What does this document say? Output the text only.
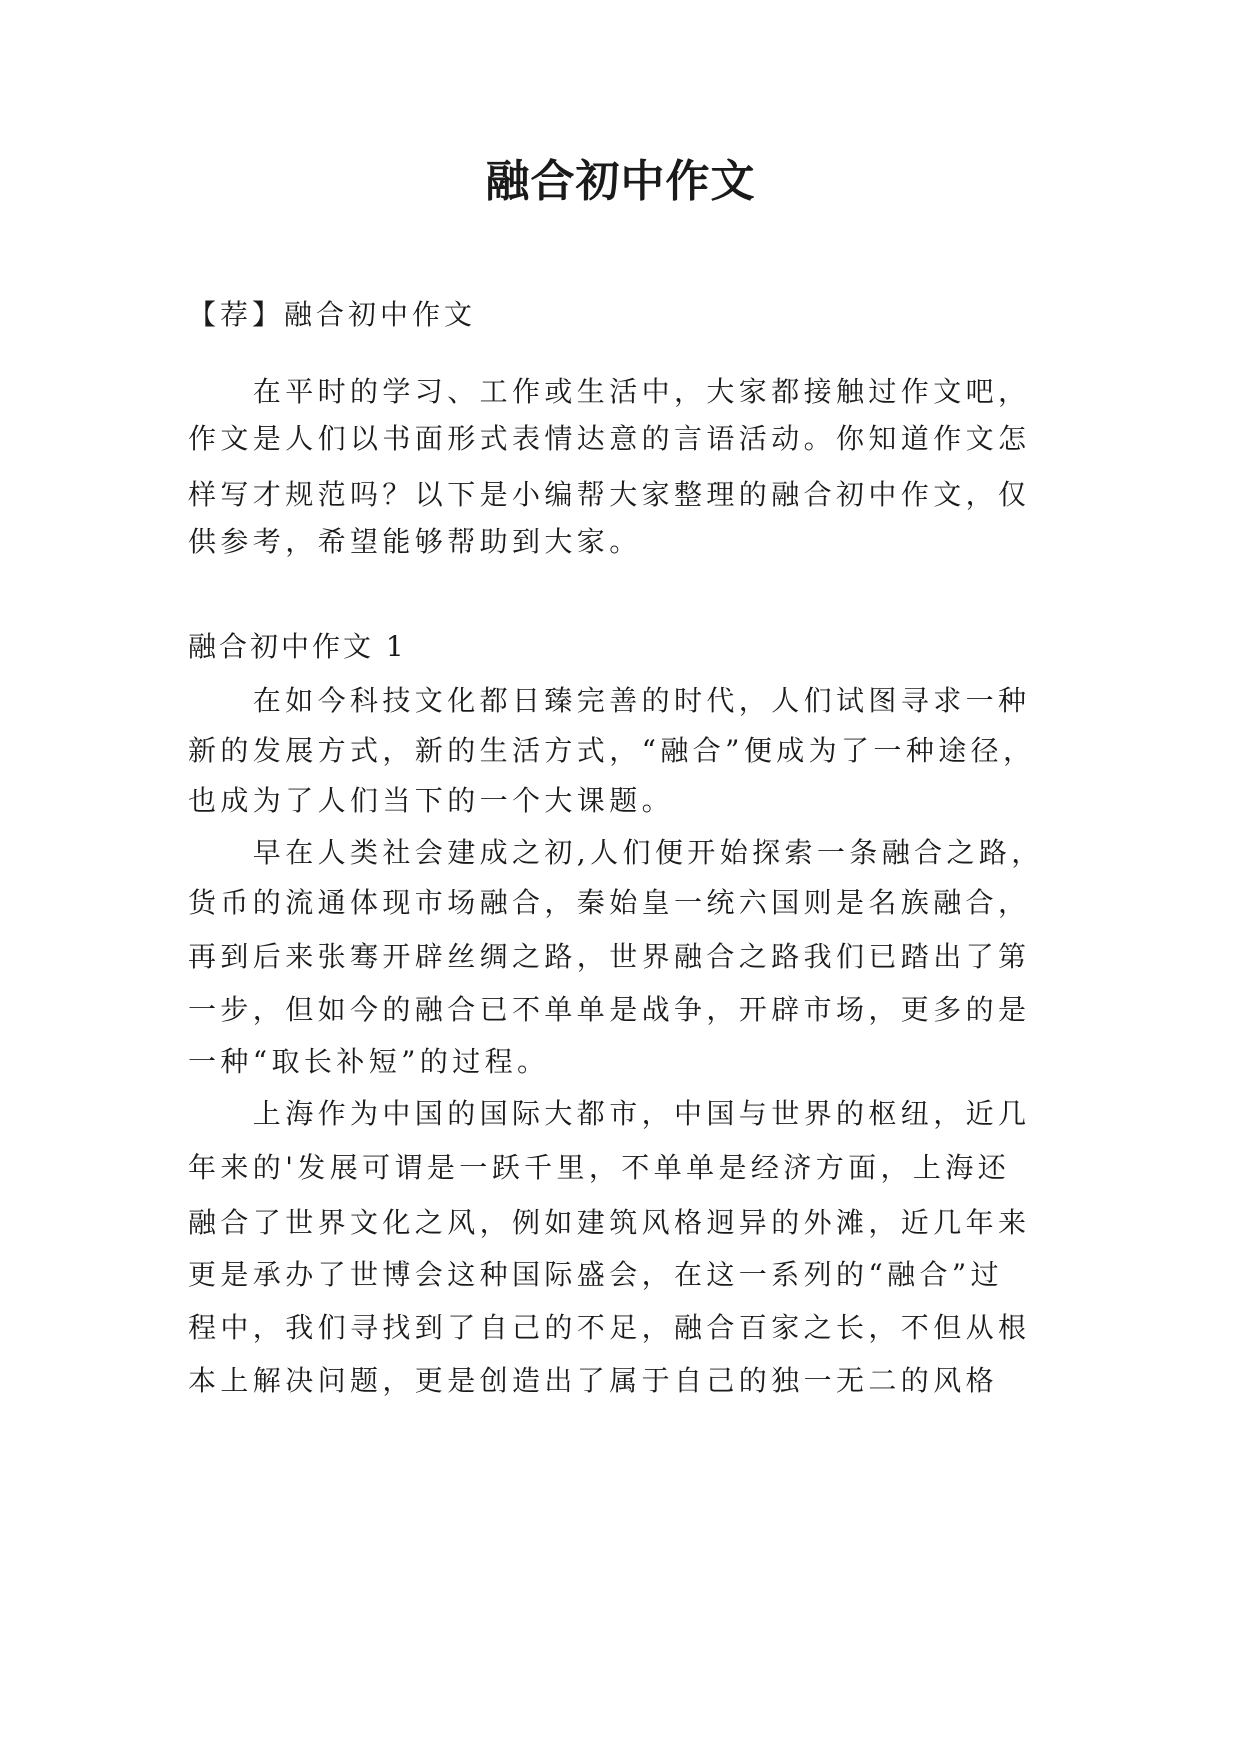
融合初中作文
【荐】融合初中作文
　　在平时的学习、工作或生活中，大家都接触过作文吧，
作文是人们以书面形式表情达意的言语活动。你知道作文怎
样写才规范吗？以下是小编帮大家整理的融合初中作文，仅
供参考，希望能够帮助到大家。
融合初中作文 1
　　在如今科技文化都日臻完善的时代，人们试图寻求一种
新的发展方式，新的生活方式，“融合”便成为了一种途径，
也成为了人们当下的一个大课题。
　　早在人类社会建成之初,人们便开始探索一条融合之路，
货币的流通体现市场融合，秦始皇一统六国则是名族融合，
再到后来张骞开辟丝绸之路，世界融合之路我们已踏出了第
一步，但如今的融合已不单单是战争，开辟市场，更多的是
一种“取长补短”的过程。
　　上海作为中国的国际大都市，中国与世界的枢纽，近几
年来的'发展可谓是一跃千里，不单单是经济方面，上海还
融合了世界文化之风，例如建筑风格迥异的外滩，近几年来
更是承办了世博会这种国际盛会，在这一系列的“融合”过
程中，我们寻找到了自己的不足，融合百家之长，不但从根
本上解决问题，更是创造出了属于自己的独一无二的风格
